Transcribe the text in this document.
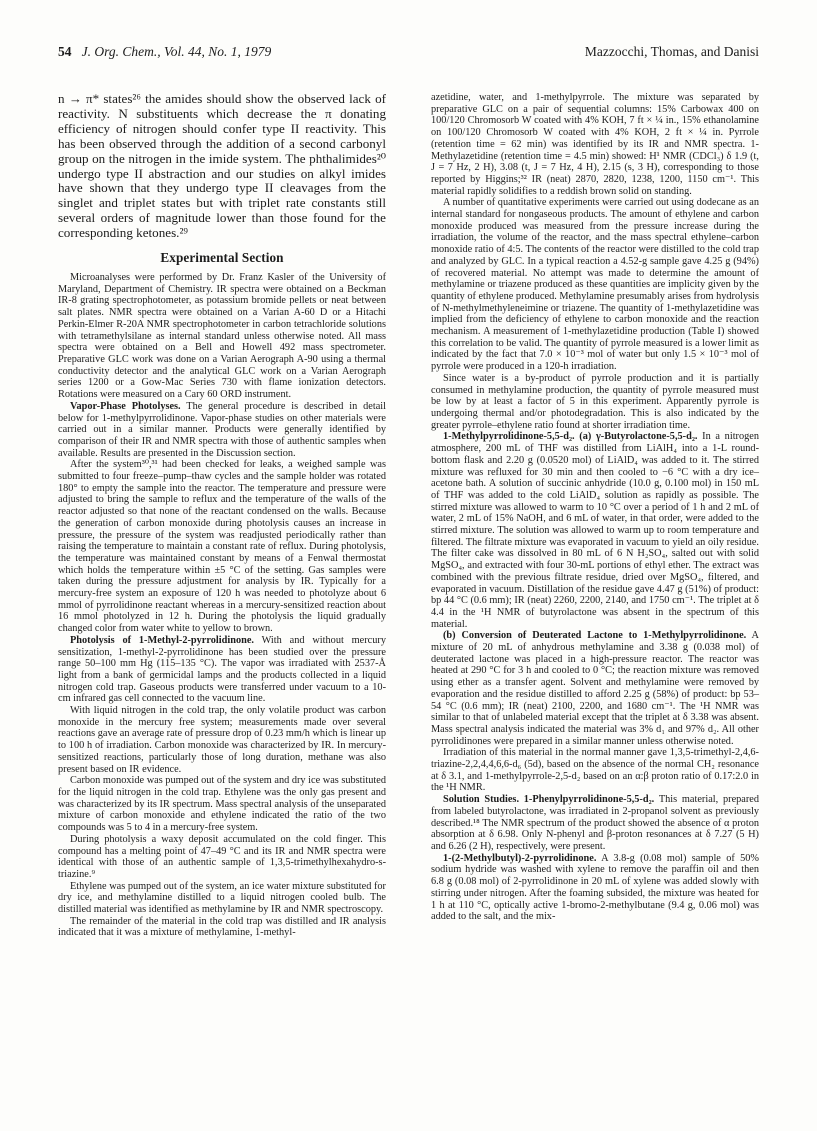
54 J. Org. Chem., Vol. 44, No. 1, 1979	Mazzocchi, Thomas, and Danisi

n → π* states²⁶ the amides should show the observed lack of reactivity. N substituents which decrease the π donating efficiency of nitrogen should confer type II reactivity. This has been observed through the addition of a second carbonyl group on the nitrogen in the imide system. The phthalimides²⁰ undergo type II abstraction and our studies on alkyl imides have shown that they undergo type II cleavages from the singlet and triplet states but with triplet rate constants still several orders of magnitude lower than those found for the corresponding ketones.²⁹

Experimental Section

Microanalyses were performed by Dr. Franz Kasler of the University of Maryland, Department of Chemistry. IR spectra were obtained on a Beckman IR-8 grating spectrophotometer, as potassium bromide pellets or neat between salt plates. NMR spectra were obtained on a Varian A-60 D or a Hitachi Perkin-Elmer R-20A NMR spectrophotometer in carbon tetrachloride solutions with tetramethylsilane as internal standard unless otherwise noted. All mass spectra were obtained on a Bell and Howell 492 mass spectrometer. Preparative GLC work was done on a Varian Aerograph A-90 using a thermal conductivity detector and the analytical GLC work on a Varian Aerograph series 1200 or a Gow-Mac Series 730 with flame ionization detectors. Rotations were measured on a Cary 60 ORD instrument.

Vapor-Phase Photolyses. The general procedure is described in detail below for 1-methylpyrrolidinone. Vapor-phase studies on other materials were carried out in a similar manner. Products were generally identified by comparison of their IR and NMR spectra with those of authentic samples when available. Results are presented in the Discussion section.

After the system³⁰,³¹ had been checked for leaks, a weighed sample was submitted to four freeze–pump–thaw cycles and the sample holder was rotated 180° to empty the sample into the reactor. The temperature and pressure were adjusted to bring the sample to reflux and the temperature of the walls of the reactor adjusted so that none of the reactant condensed on the walls. Because the generation of carbon monoxide during photolysis causes an increase in pressure, the pressure of the system was readjusted periodically rather than raising the temperature to maintain a constant rate of reflux. During photolysis, the temperature was maintained constant by means of a Fenwal thermostat which holds the temperature within ±5 °C of the setting. Gas samples were taken during the pressure adjustment for analysis by IR. Typically for a mercury-free system an exposure of 120 h was needed to photolyze about 6 mmol of pyrrolidinone reactant whereas in a mercury-sensitized reaction about 16 mmol photolyzed in 12 h. During the photolysis the liquid gradually changed color from water white to yellow to brown.

Photolysis of 1-Methyl-2-pyrrolidinone. With and without mercury sensitization, 1-methyl-2-pyrrolidinone has been studied over the pressure range 50–100 mm Hg (115–135 °C). The vapor was irradiated with 2537-Å light from a bank of germicidal lamps and the products collected in a liquid nitrogen cold trap. Gaseous products were transferred under vacuum to a 10-cm infrared gas cell connected to the vacuum line.

With liquid nitrogen in the cold trap, the only volatile product was carbon monoxide in the mercury free system; measurements made over several reactions gave an average rate of pressure drop of 0.23 mm/h which is linear up to 100 h of irradiation. Carbon monoxide was characterized by IR. In mercury-sensitized reactions, particularly those of long duration, methane was also present based on IR evidence.

Carbon monoxide was pumped out of the system and dry ice was substituted for the liquid nitrogen in the cold trap. Ethylene was the only gas present and was characterized by its IR spectrum. Mass spectral analysis of the unseparated mixture of carbon monoxide and ethylene indicated the ratio of the two compounds was 5 to 4 in a mercury-free system.

During photolysis a waxy deposit accumulated on the cold finger. This compound has a melting point of 47–49 °C and its IR and NMR spectra were identical with those of an authentic sample of 1,3,5-trimethylhexahydro-s-triazine.⁹

Ethylene was pumped out of the system, an ice water mixture substituted for dry ice, and methylamine distilled to a liquid nitrogen cooled bulb. The distilled material was identified as methylamine by IR and NMR spectroscopy.

The remainder of the material in the cold trap was distilled and IR analysis indicated that it was a mixture of methylamine, 1-methyl-

azetidine, water, and 1-methylpyrrole. The mixture was separated by preparative GLC on a pair of sequential columns: 15% Carbowax 400 on 100/120 Chromosorb W coated with 4% KOH, 7 ft × ¼ in., 15% ethanolamine on 100/120 Chromosorb W coated with 4% KOH, 2 ft × ¼ in. Pyrrole (retention time = 62 min) was identified by its IR and NMR spectra. 1-Methylazetidine (retention time = 4.5 min) showed: H¹ NMR (CDCl₃) δ 1.9 (t, J = 7 Hz, 2 H), 3.08 (t, J = 7 Hz, 4 H), 2.15 (s, 3 H), corresponding to those reported by Higgins;³² IR (neat) 2870, 2820, 1238, 1200, 1150 cm⁻¹. This material rapidly solidifies to a reddish brown solid on standing.

A number of quantitative experiments were carried out using dodecane as an internal standard for nongaseous products. The amount of ethylene and carbon monoxide produced was measured from the pressure increase during the irradiation, the volume of the reactor, and the mass spectral ethylene–carbon monoxide ratio of 4:5. The contents of the reactor were distilled to the cold trap and analyzed by GLC. In a typical reaction a 4.52-g sample gave 4.25 g (94%) of recovered material. No attempt was made to determine the amount of methylamine or triazene produced as these quantities are implicity given by the quantity of ethylene produced. Methylamine presumably arises from hydrolysis of N-methylmethyleneimine or triazene. The quantity of 1-methylazetidine was implied from the deficiency of ethylene to carbon monoxide and the reaction mechanism. A measurement of 1-methylazetidine production (Table I) showed this correlation to be valid. The quantity of pyrrole measured is a lower limit as indicated by the fact that 7.0 × 10⁻³ mol of water but only 1.5 × 10⁻³ mol of pyrrole were produced in a 120-h irradiation.

Since water is a by-product of pyrrole production and it is partially consumed in methylamine production, the quantity of pyrrole measured must be low by at least a factor of 5 in this experiment. Apparently pyrrole is undergoing thermal and/or photodegradation. This is also indicated by the greater pyrrole–ethylene ratio found at shorter irradiation time.

1-Methylpyrrolidinone-5,5-d₂. (a) γ-Butyrolactone-5,5-d₂. In a nitrogen atmosphere, 200 mL of THF was distilled from LiAlH₄ into a 1-L round-bottom flask and 2.20 g (0.0520 mol) of LiAlD₄ was added to it. The stirred mixture was refluxed for 30 min and then cooled to −6 °C with a dry ice–acetone bath. A solution of succinic anhydride (10.0 g, 0.100 mol) in 150 mL of THF was added to the cold LiAlD₄ solution as rapidly as possible. The stirred mixture was allowed to warm to 10 °C over a period of 1 h and 2 mL of water, 2 mL of 15% NaOH, and 6 mL of water, in that order, were added to the stirred mixture. The solution was allowed to warm up to room temperature and filtered. The filtrate mixture was evaporated in vacuum to yield an oily residue. The filter cake was dissolved in 80 mL of 6 N H₂SO₄, salted out with solid MgSO₄, and extracted with four 30-mL portions of ethyl ether. The extract was combined with the previous filtrate residue, dried over MgSO₄, filtered, and evaporated in vacuum. Distillation of the residue gave 4.47 g (51%) of product: bp 44 °C (0.6 mm); IR (neat) 2260, 2200, 2140, and 1750 cm⁻¹. The triplet at δ 4.4 in the ¹H NMR of butyrolactone was absent in the spectrum of this material.

(b) Conversion of Deuterated Lactone to 1-Methylpyrrolidinone. A mixture of 20 mL of anhydrous methylamine and 3.38 g (0.038 mol) of deuterated lactone was placed in a high-pressure reactor. The reactor was heated at 290 °C for 3 h and cooled to 0 °C; the reaction mixture was removed using ether as a transfer agent. Solvent and methylamine were removed by evaporation and the residue distilled to afford 2.25 g (58%) of product: bp 53–54 °C (0.6 mm); IR (neat) 2100, 2200, and 1680 cm⁻¹. The ¹H NMR was similar to that of unlabeled material except that the triplet at δ 3.38 was absent. Mass spectral analysis indicated the material was 3% d₁ and 97% d₂. All other pyrrolidinones were prepared in a similar manner unless otherwise noted.

Irradiation of this material in the normal manner gave 1,3,5-trimethyl-2,4,6-triazine-2,2,4,4,6,6-d₆ (5d), based on the absence of the normal CH₂ resonance at δ 3.1, and 1-methylpyrrole-2,5-d₂ based on an α:β proton ratio of 0.17:2.0 in the ¹H NMR.

Solution Studies. 1-Phenylpyrrolidinone-5,5-d₂. This material, prepared from labeled butyrolactone, was irradiated in 2-propanol solvent as previously described.¹⁸ The NMR spectrum of the product showed the absence of α proton absorption at δ 6.98. Only N-phenyl and β-proton resonances at δ 7.27 (5 H) and 6.26 (2 H), respectively, were present.

1-(2-Methylbutyl)-2-pyrrolidinone. A 3.8-g (0.08 mol) sample of 50% sodium hydride was washed with xylene to remove the paraffin oil and then 6.8 g (0.08 mol) of 2-pyrrolidinone in 20 mL of xylene was added slowly with stirring under nitrogen. After the foaming subsided, the mixture was heated for 1 h at 110 °C, optically active 1-bromo-2-methylbutane (9.4 g, 0.06 mol) was added to the salt, and the mix-
